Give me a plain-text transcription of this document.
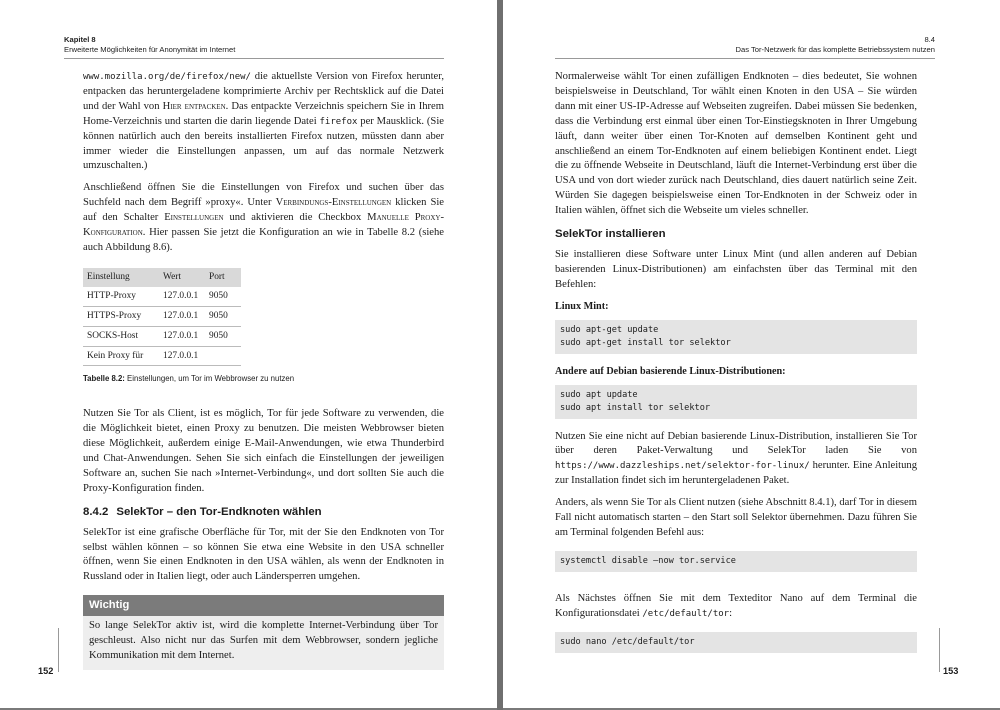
Kapitel 8
Erweiterte Möglichkeiten für Anonymität im Internet

www.mozilla.org/de/firefox/new/ die aktuellste Version von Firefox herunter, entpacken das heruntergeladene komprimierte Archiv per Rechtsklick auf die Datei und der Wahl von Hier entpacken. Das entpackte Verzeichnis speichern Sie in Ihrem Home-Verzeichnis und starten die darin liegende Datei firefox per Mausklick. (Sie können natürlich auch den bereits installierten Firefox nutzen, müssten dann aber immer wieder die Einstellungen anpassen, um auf das normale Netzwerk umzuschalten.)

Anschließend öffnen Sie die Einstellungen von Firefox und suchen über das Suchfeld nach dem Begriff »proxy«. Unter Verbindungs-Einstellungen klicken Sie auf den Schalter Einstellungen und aktivieren die Checkbox Manuelle Proxy-Konfiguration. Hier passen Sie jetzt die Konfiguration an wie in Tabelle 8.2 (siehe auch Abbildung 8.6).

Einstellung	Wert	Port
HTTP-Proxy	127.0.0.1	9050
HTTPS-Proxy	127.0.0.1	9050
SOCKS-Host	127.0.0.1	9050
Kein Proxy für	127.0.0.1	
Tabelle 8.2: Einstellungen, um Tor im Webbrowser zu nutzen

Nutzen Sie Tor als Client, ist es möglich, Tor für jede Software zu verwenden, die die Möglichkeit bietet, einen Proxy zu benutzen. Die meisten Webbrowser bieten diese Möglichkeit, außerdem einige E-Mail-Anwendungen, wie etwa Thunderbird und Chat-Anwendungen. Sehen Sie sich einfach die Einstellungen der jeweiligen Software an, suchen Sie nach »Internet-Verbindung«, und dort sollten Sie auch die Proxy-Konfiguration finden.

8.4.2 SelekTor – den Tor-Endknoten wählen

SelekTor ist eine grafische Oberfläche für Tor, mit der Sie den Endknoten von Tor selbst wählen können – so können Sie etwa eine Website in den USA schneller öffnen, wenn Sie einen Endknoten in den USA wählen, als wenn der Endknoten in Russland oder in Italien liegt, oder auch Ländersperren umgehen.

Wichtig
So lange SelekTor aktiv ist, wird die komplette Internet-Verbindung über Tor geschleust. Also nicht nur das Surfen mit dem Webbrowser, sondern jegliche Kommunikation mit dem Internet.
152
8.4
Das Tor-Netzwerk für das komplette Betriebssystem nutzen

Normalerweise wählt Tor einen zufälligen Endknoten – dies bedeutet, Sie wohnen beispielsweise in Deutschland, Tor wählt einen Knoten in den USA – Sie würden dann mit einer US-IP-Adresse auf Webseiten zugreifen. Dabei müssen Sie bedenken, dass die Verbindung erst einmal über einen Tor-Einstiegsknoten in Ihrer Umgebung läuft, dann weiter über einen Tor-Knoten auf demselben Kontinent geht und anschließend an einem Tor-Endknoten auf einem beliebigen Kontinent endet. Liegt die zu öffnende Webseite in Deutschland, läuft die Internet-Verbindung erst über die USA und von dort wieder zurück nach Deutschland, dies dauert natürlich seine Zeit. Würden Sie dagegen beispielsweise einen Tor-Endknoten in der Schweiz oder in Italien wählen, öffnet sich die Webseite um vieles schneller.

SelekTor installieren

Sie installieren diese Software unter Linux Mint (und allen anderen auf Debian basierenden Linux-Distributionen) am einfachsten über das Terminal mit den Befehlen:

Linux Mint:
sudo apt-get update
sudo apt-get install tor selektor
Andere auf Debian basierende Linux-Distributionen:
sudo apt update
sudo apt install tor selektor

Nutzen Sie eine nicht auf Debian basierende Linux-Distribution, installieren Sie Tor über deren Paket-Verwaltung und SelekTor laden Sie von https://www.dazzleships.net/selektor-for-linux/ herunter. Eine Anleitung zur Installation findet sich im heruntergeladenen Paket.

Anders, als wenn Sie Tor als Client nutzen (siehe Abschnitt 8.4.1), darf Tor in diesem Fall nicht automatisch starten – den Start soll Selektor übernehmen. Dazu führen Sie am Terminal folgenden Befehl aus:

systemctl disable –now tor.service

Als Nächstes öffnen Sie mit dem Texteditor Nano auf dem Terminal die Konfigurationsdatei /etc/default/tor:

sudo nano /etc/default/tor
153
